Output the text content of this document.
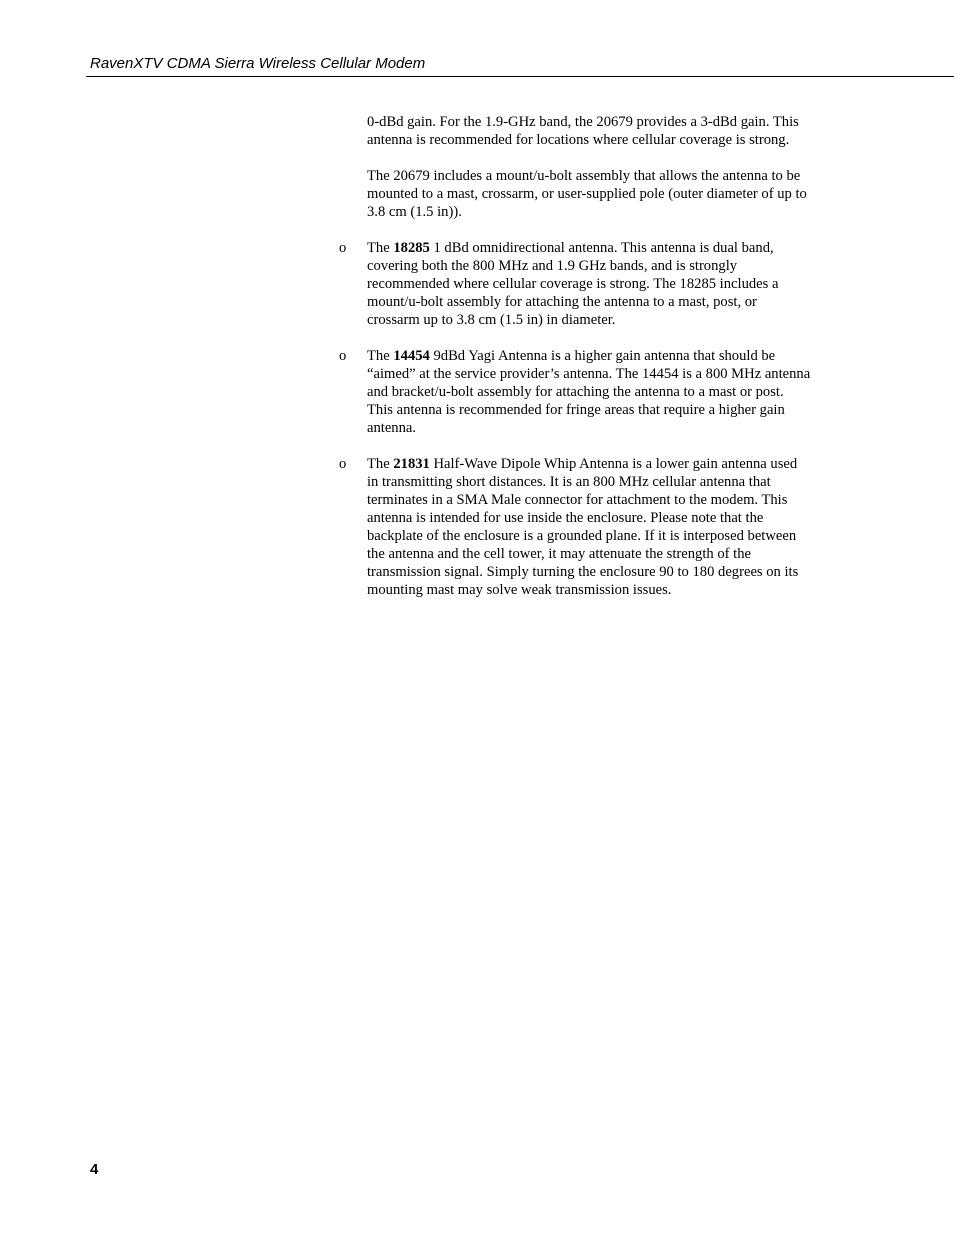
RavenXTV CDMA Sierra Wireless Cellular Modem

0-dBd gain. For the 1.9-GHz band, the 20679 provides a 3-dBd gain. This antenna is recommended for locations where cellular coverage is strong.

The 20679 includes a mount/u-bolt assembly that allows the antenna to be mounted to a mast, crossarm, or user-supplied pole (outer diameter of up to 3.8 cm (1.5 in)).

o The 18285 1 dBd omnidirectional antenna. This antenna is dual band, covering both the 800 MHz and 1.9 GHz bands, and is strongly recommended where cellular coverage is strong. The 18285 includes a mount/u-bolt assembly for attaching the antenna to a mast, post, or crossarm up to 3.8 cm (1.5 in) in diameter.
o The 14454 9dBd Yagi Antenna is a higher gain antenna that should be “aimed” at the service provider’s antenna. The 14454 is a 800 MHz antenna and bracket/u-bolt assembly for attaching the antenna to a mast or post. This antenna is recommended for fringe areas that require a higher gain antenna.
o The 21831 Half-Wave Dipole Whip Antenna is a lower gain antenna used in transmitting short distances. It is an 800 MHz cellular antenna that terminates in a SMA Male connector for attachment to the modem. This antenna is intended for use inside the enclosure. Please note that the backplate of the enclosure is a grounded plane. If it is interposed between the antenna and the cell tower, it may attenuate the strength of the transmission signal. Simply turning the enclosure 90 to 180 degrees on its mounting mast may solve weak transmission issues.
4
